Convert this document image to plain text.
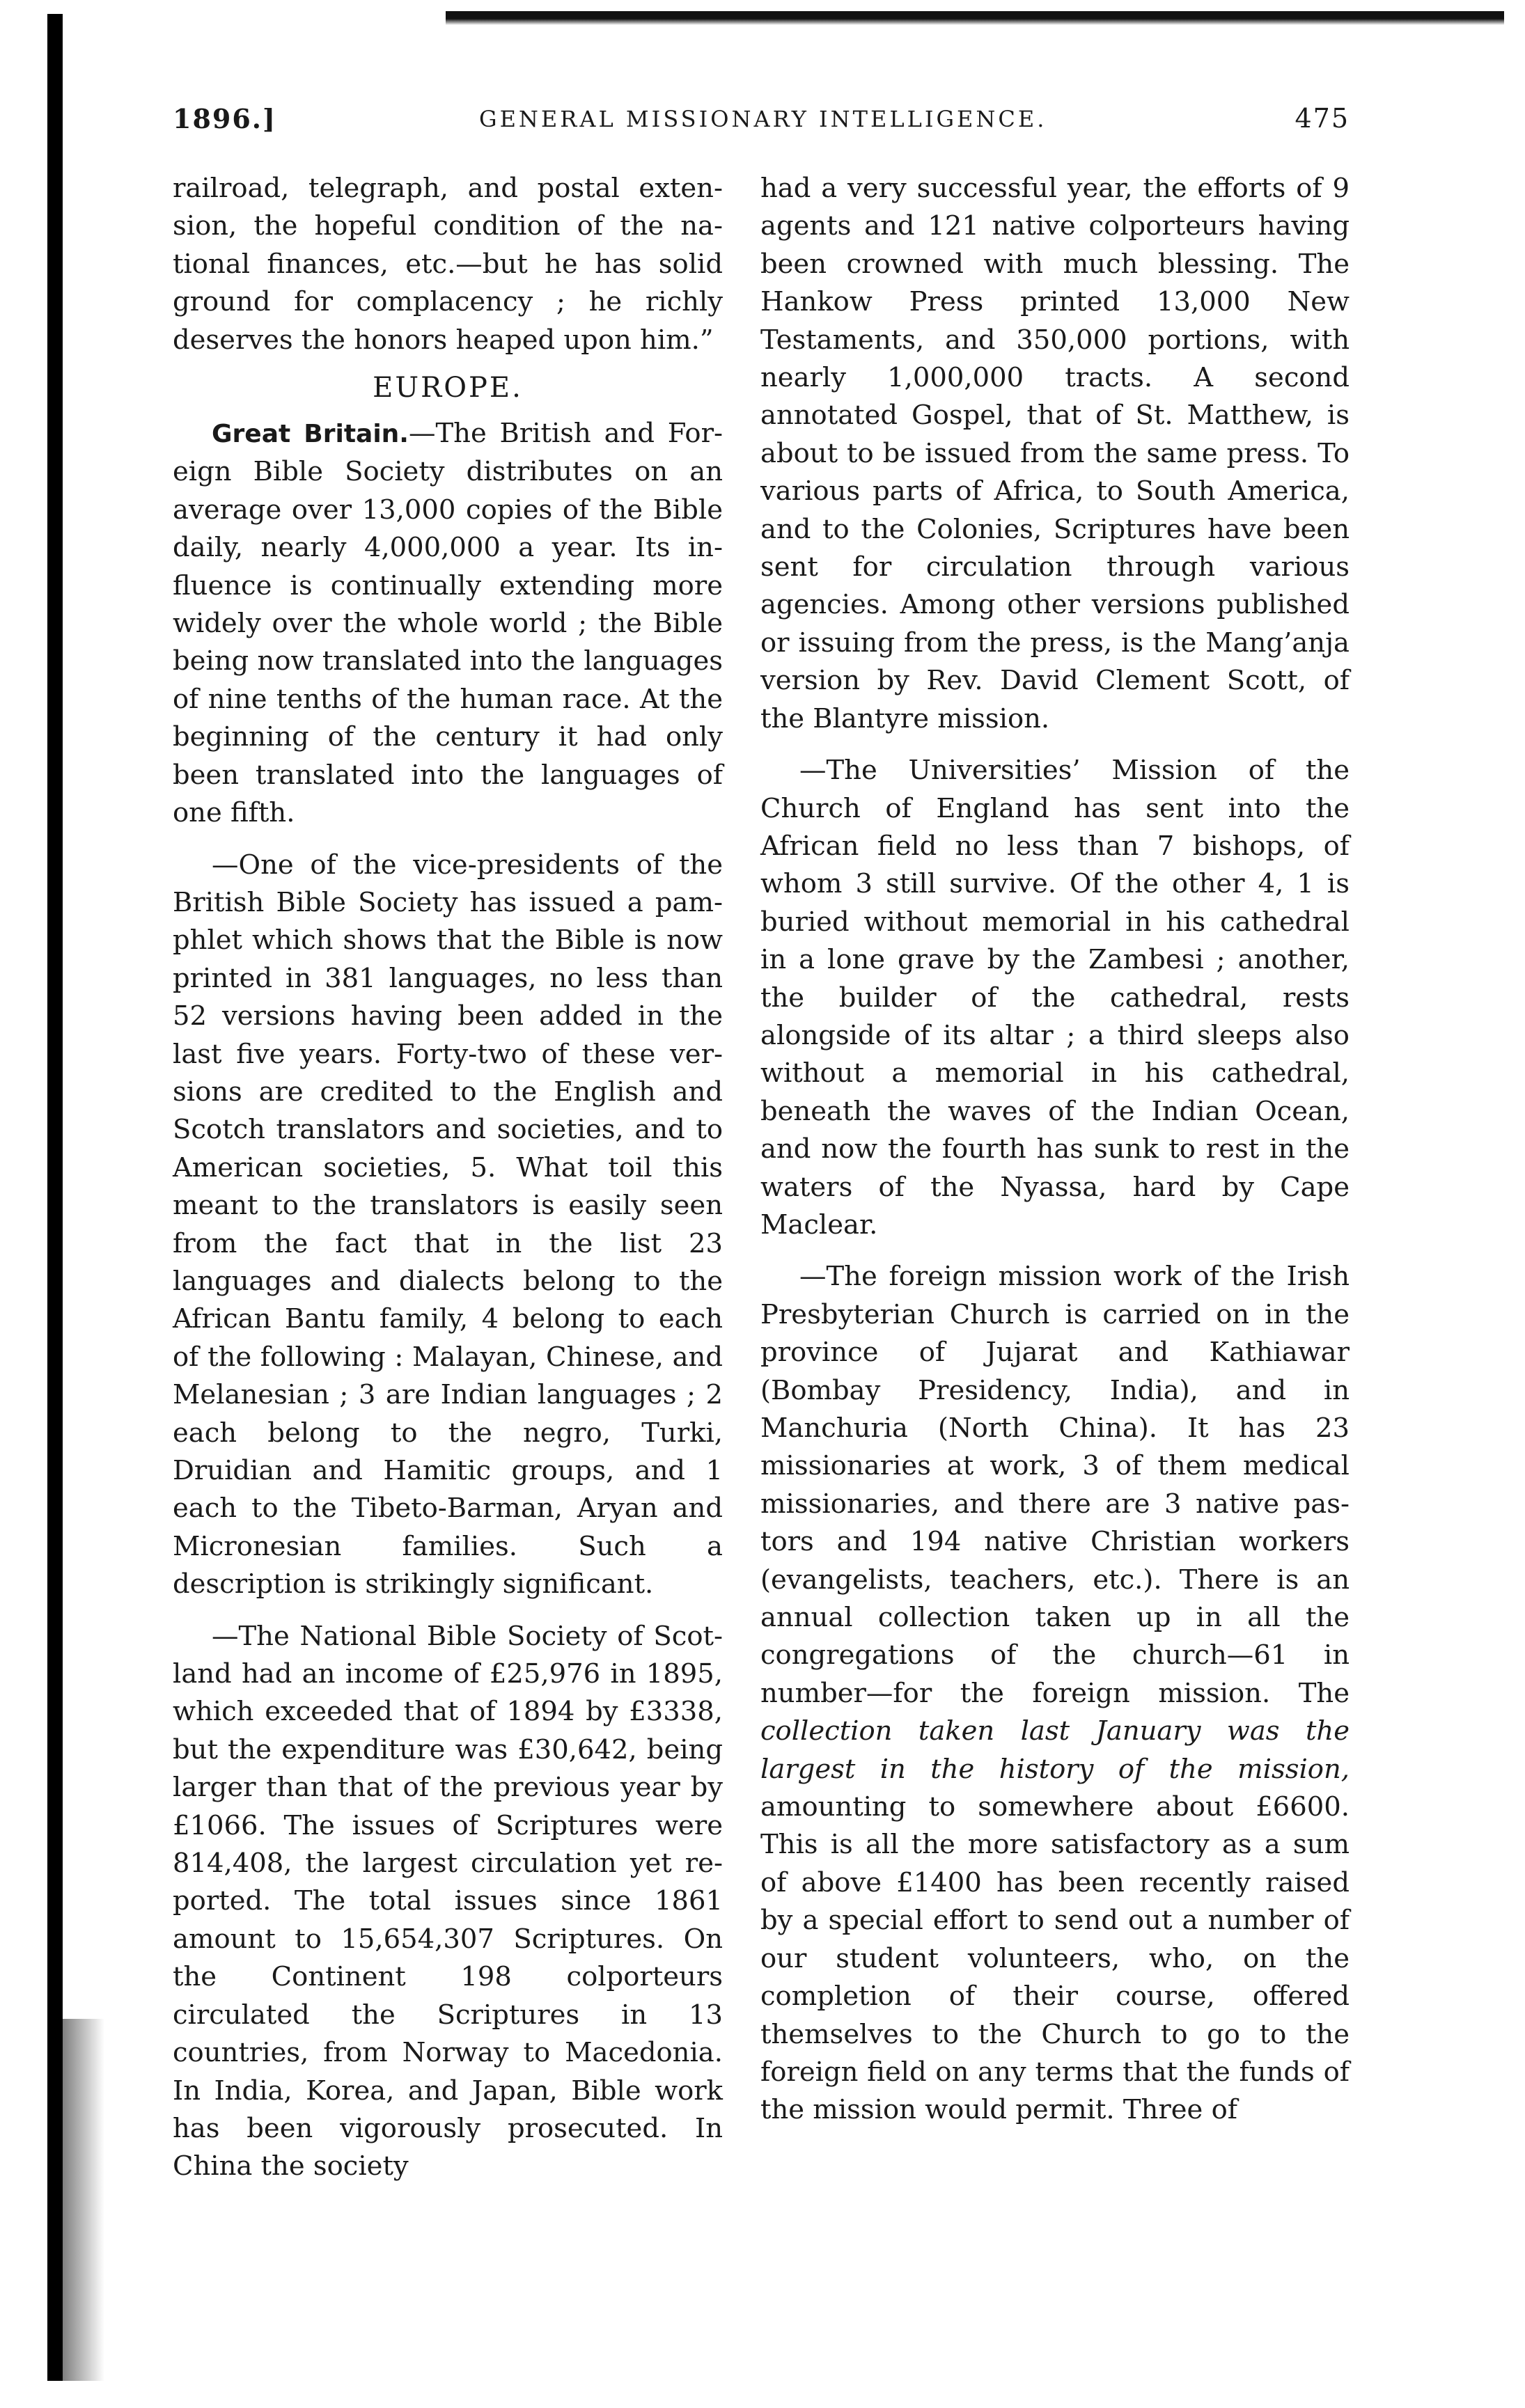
1896.]	GENERAL MISSIONARY INTELLIGENCE.	475

railroad, telegraph, and postal extension, the hopeful condition of the national finances, etc.—but he has solid ground for complacency ; he richly deserves the honors heaped upon him.”

EUROPE.

Great Britain.—The British and Foreign Bible Society distributes on an average over 13,000 copies of the Bible daily, nearly 4,000,000 a year. Its influence is continually extending more widely over the whole world ; the Bible being now translated into the languages of nine tenths of the human race. At the beginning of the century it had only been translated into the languages of one fifth.

—One of the vice-presidents of the British Bible Society has issued a pamphlet which shows that the Bible is now printed in 381 languages, no less than 52 versions having been added in the last five years. Forty-two of these versions are credited to the English and Scotch translators and societies, and to American societies, 5. What toil this meant to the translators is easily seen from the fact that in the list 23 languages and dialects belong to the African Bantu family, 4 belong to each of the following : Malayan, Chinese, and Melanesian ; 3 are Indian languages ; 2 each belong to the negro, Turki, Druidian and Hamitic groups, and 1 each to the Tibeto-Barman, Aryan and Micronesian families. Such a description is strikingly significant.

—The National Bible Society of Scotland had an income of £25,976 in 1895, which exceeded that of 1894 by £3338, but the expenditure was £30,642, being larger than that of the previous year by £1066. The issues of Scriptures were 814,408, the largest circulation yet reported. The total issues since 1861 amount to 15,654,307 Scriptures. On the Continent 198 colporteurs circulated the Scriptures in 13 countries, from Norway to Macedonia. In India, Korea, and Japan, Bible work has been vigorously prosecuted. In China the society

had a very successful year, the efforts of 9 agents and 121 native colporteurs having been crowned with much blessing. The Hankow Press printed 13,000 New Testaments, and 350,000 portions, with nearly 1,000,000 tracts. A second annotated Gospel, that of St. Matthew, is about to be issued from the same press. To various parts of Africa, to South America, and to the Colonies, Scriptures have been sent for circulation through various agencies. Among other versions published or issuing from the press, is the Mang’anja version by Rev. David Clement Scott, of the Blantyre mission.

—The Universities’ Mission of the Church of England has sent into the African field no less than 7 bishops, of whom 3 still survive. Of the other 4, 1 is buried without memorial in his cathedral in a lone grave by the Zambesi ; another, the builder of the cathedral, rests alongside of its altar ; a third sleeps also without a memorial in his cathedral, beneath the waves of the Indian Ocean, and now the fourth has sunk to rest in the waters of the Nyassa, hard by Cape Maclear.

—The foreign mission work of the Irish Presbyterian Church is carried on in the province of Jujarat and Kathiawar (Bombay Presidency, India), and in Manchuria (North China). It has 23 missionaries at work, 3 of them medical missionaries, and there are 3 native pastors and 194 native Christian workers (evangelists, teachers, etc.). There is an annual collection taken up in all the congregations of the church—61 in number—for the foreign mission. The collection taken last January was the largest in the history of the mission, amounting to somewhere about £6600. This is all the more satisfactory as a sum of above £1400 has been recently raised by a special effort to send out a number of our student volunteers, who, on the completion of their course, offered themselves to the Church to go to the foreign field on any terms that the funds of the mission would permit. Three of
